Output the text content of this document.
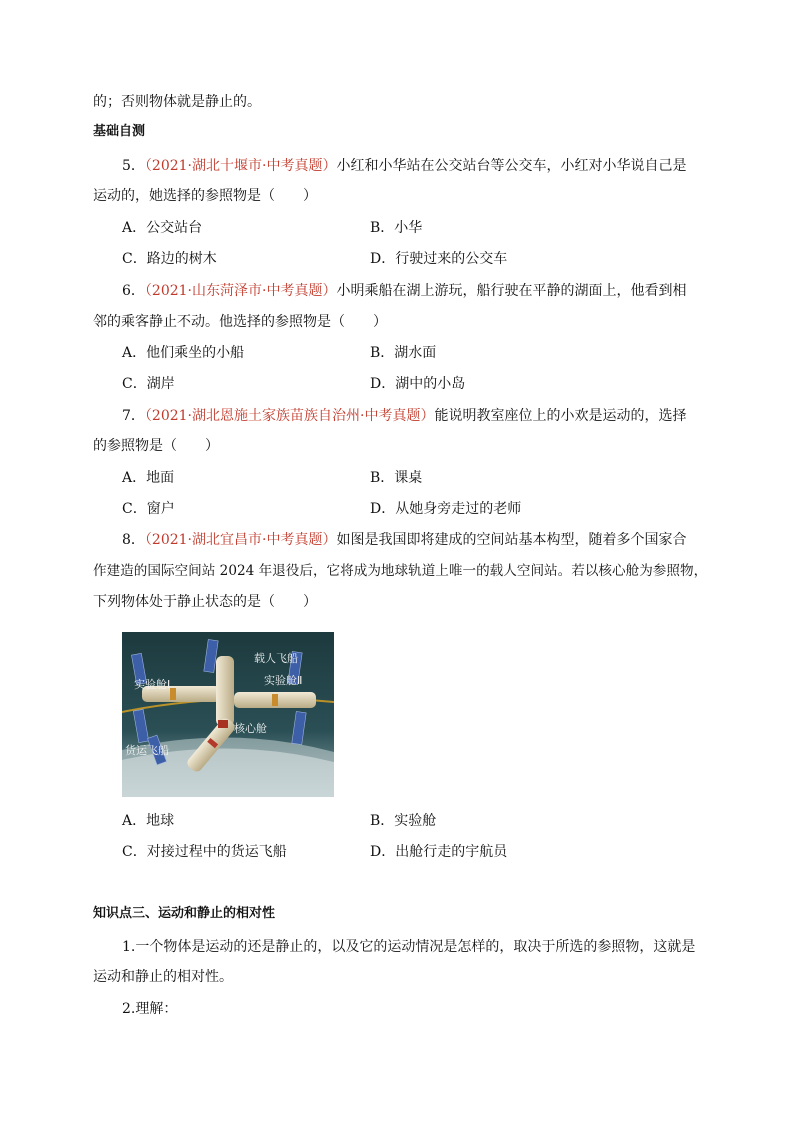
的；否则物体就是静止的。
基础自测
5．（2021·湖北十堰市·中考真题）小红和小华站在公交站台等公交车，小红对小华说自己是
运动的，她选择的参照物是（　　）
A．公交站台	B．小华
C．路边的树木	D．行驶过来的公交车
6．（2021·山东菏泽市·中考真题）小明乘船在湖上游玩，船行驶在平静的湖面上，他看到相
邻的乘客静止不动。他选择的参照物是（　　）
A．他们乘坐的小船	B．湖水面
C．湖岸	D．湖中的小岛
7．（2021·湖北恩施土家族苗族自治州·中考真题）能说明教室座位上的小欢是运动的，选择
的参照物是（　　）
A．地面	B．课桌
C．窗户	D．从她身旁走过的老师
8．（2021·湖北宜昌市·中考真题）如图是我国即将建成的空间站基本构型，随着多个国家合
作建造的国际空间站 2024 年退役后，它将成为地球轨道上唯一的载人空间站。若以核心舱为参照物，
下列物体处于静止状态的是（　　）
实验舱Ⅰ
载人飞船
实验舱Ⅱ
核心舱
货运飞船
A．地球	B．实验舱
C．对接过程中的货运飞船	D．出舱行走的宇航员
知识点三、运动和静止的相对性
1.一个物体是运动的还是静止的，以及它的运动情况是怎样的，取决于所选的参照物，这就是
运动和静止的相对性。
2.理解：
